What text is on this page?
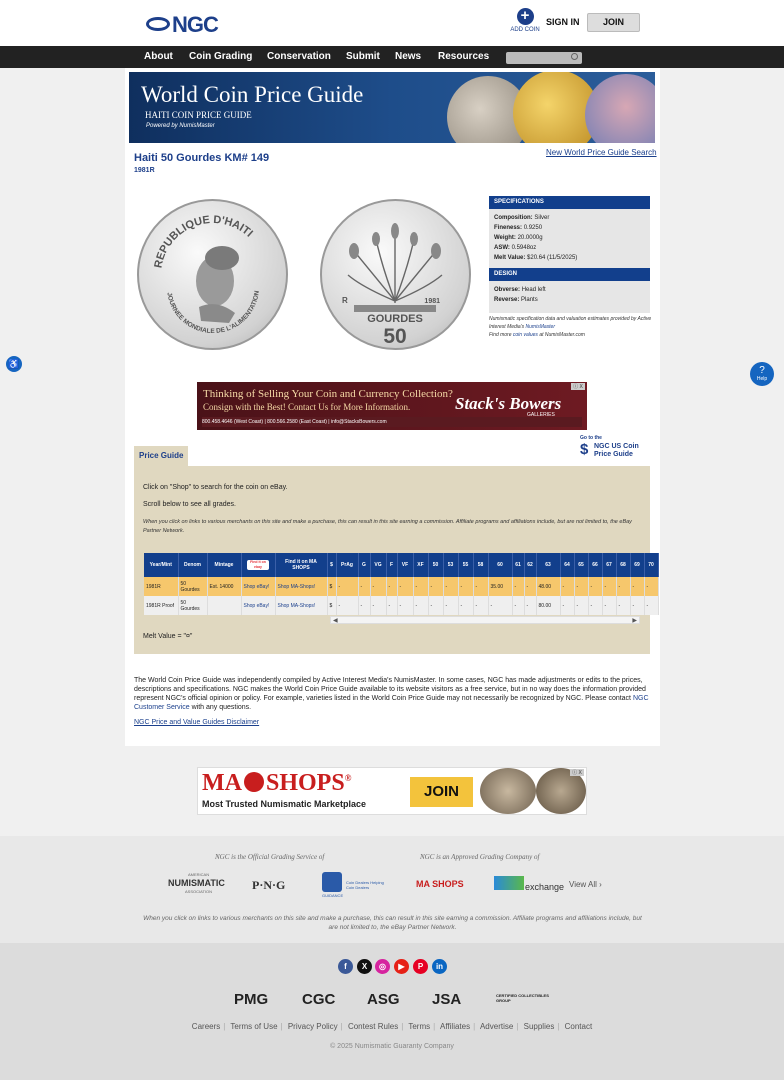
NGC	+
ADD COIN
SIGN IN	JOIN
About Coin Grading Conservation Submit News Resources
World Coin Price Guide
HAITI COIN PRICE GUIDE
Powered by NumisMaster
Haiti 50 Gourdes KM# 149
1981R
New World Price Guide Search
REPUBLIQUE D'HAITI
JOURNEE MONDIALE DE L'ALIMENTATION
GOURDES
50
R	1981
SPECIFICATIONS
Composition: Silver
Fineness: 0.9250
Weight: 20.0000g
ASW: 0.5948oz
Melt Value: $20.64 (11/5/2025)
DESIGN
Obverse: Head left
Reverse: Plants
Numismatic specification data and valuation estimates provided by Active Interest Media's NumisMaster
Find more coin values at NumisMaster.com
♿
?
Help
Thinking of Selling Your Coin and Currency Collection?
Consign with the Best! Contact Us for More Information.
800.458.4646 (West Coast) | 800.566.2580 (East Coast) | info@StacksBowers.com
Stack's Bowers
GALLERIES
ⓘ X
Price Guide
Go to the
$ NGC US Coin Price Guide
Click on "Shop" to search for the coin on eBay.
Scroll below to see all grades.
When you click on links to various merchants on this site and make a purchase, this can result in this site earning a commission. Affiliate programs and affiliations include, but are not limited to, the eBay Partner Network.
Year/Mint	Denom	Mintage	Find it on ebay	Find it on MA SHOPS	$	PrAg	G	VG	F	VF	XF	50	53	55	58	60	61	62	63	64	65	66	67	68	69	70
1981R	50 Gourdes	Est. 14000	Shop eBay!	Shop MA-Shops!	$	-	-	-	-	-	-	-	-	-	-	35.00	-	-	48.00	-	-	-	-	-	-	-
1981R Proof	50 Gourdes		Shop eBay!	Shop MA-Shops!	$	-	-	-	-	-	-	-	-	-	-	-	-	-	80.00	-	-	-	-	-	-	-
◀	▶
Melt Value = "¤"
The World Coin Price Guide was independently compiled by Active Interest Media's NumisMaster. In some cases, NGC has made adjustments or edits to the prices, descriptions and specifications. NGC makes the World Coin Price Guide available to its website visitors as a free service, but in no way does the information provided represent NGC's official opinion or policy. For example, varieties listed in the World Coin Price Guide may not necessarily be recognized by NGC. Please contact NGC Customer Service with any questions.
NGC Price and Value Guides Disclaimer
MA SHOPS®
Most Trusted Numismatic Marketplace
JOIN
ⓘ X
NGC is the Official Grading Service of	NGC is an Approved Grading Company of
AMERICAN
NUMISMATIC
ASSOCIATION	P·N·G
GUIDANCE
Coin Dealers Helping Coin Dealers	MA SHOPS	exchange View All ›
When you click on links to various merchants on this site and make a purchase, this can result in this site earning a commission. Affiliate programs and affiliations include, but are not limited to, the eBay Partner Network.
f	X	◎	▶	P	in
PMG CGC ASG JSA	CERTIFIED COLLECTIBLES GROUP
Careers | Terms of Use | Privacy Policy | Contest Rules | Terms | Affiliates | Advertise | Supplies | Contact
© 2025 Numismatic Guaranty Company
